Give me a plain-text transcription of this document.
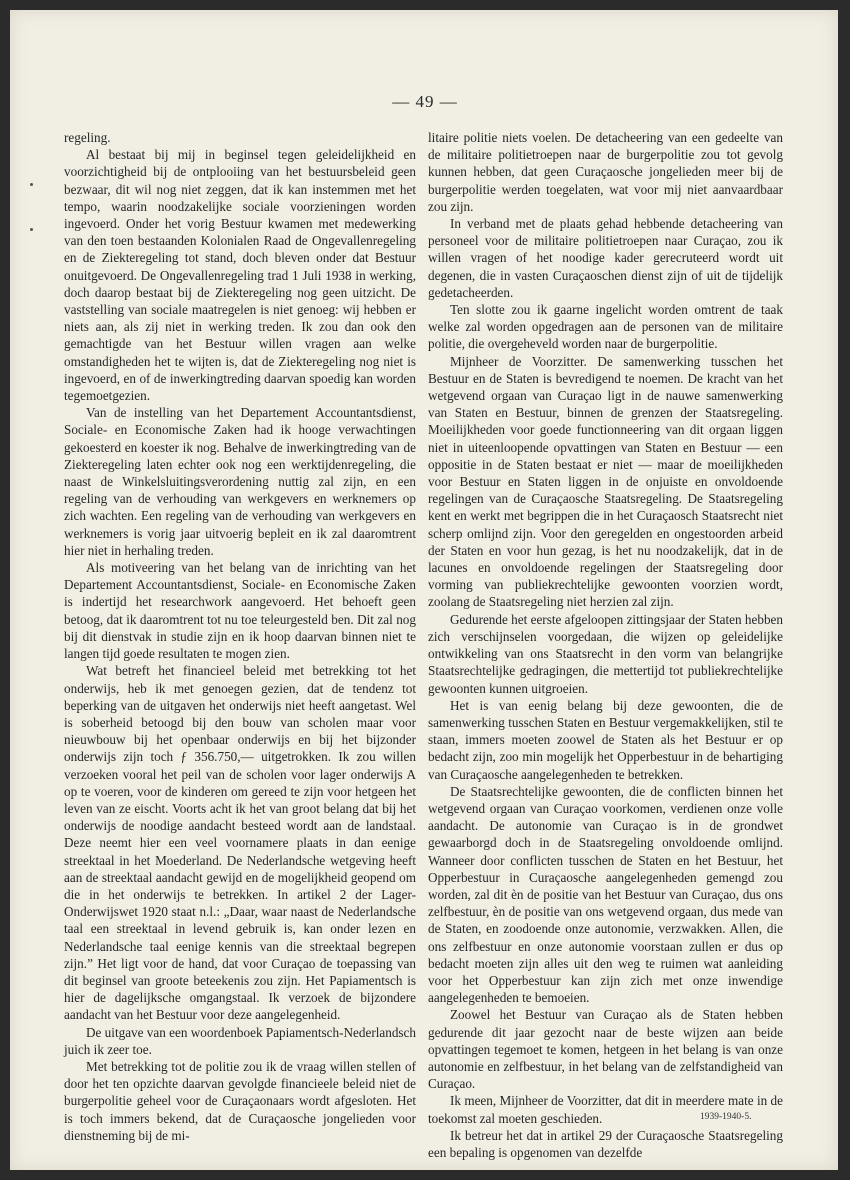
— 49 —

regeling.

Al bestaat bij mij in beginsel tegen geleidelijkheid en voorzichtigheid bij de ontplooiing van het bestuursbeleid geen bezwaar, dit wil nog niet zeggen, dat ik kan instemmen met het tempo, waarin noodzakelijke sociale voorzieningen worden ingevoerd. Onder het vorig Bestuur kwamen met medewerking van den toen bestaanden Kolonialen Raad de Ongevallenregeling en de Ziekteregeling tot stand, doch bleven onder dat Bestuur onuitgevoerd. De Ongevallenregeling trad 1 Juli 1938 in werking, doch daarop bestaat bij de Ziekteregeling nog geen uitzicht. De vaststelling van sociale maatregelen is niet genoeg: wij hebben er niets aan, als zij niet in werking treden. Ik zou dan ook den gemachtigde van het Bestuur willen vragen aan welke omstandigheden het te wijten is, dat de Ziekteregeling nog niet is ingevoerd, en of de inwerkingtreding daarvan spoedig kan worden tegemoetgezien.

Van de instelling van het Departement Accountantsdienst, Sociale- en Economische Zaken had ik hooge verwachtingen gekoesterd en koester ik nog. Behalve de inwerkingtreding van de Ziekteregeling laten echter ook nog een werktijdenregeling, die naast de Winkelsluitingsverordening nuttig zal zijn, en een regeling van de verhouding van werkgevers en werknemers op zich wachten. Een regeling van de verhouding van werkgevers en werknemers is vorig jaar uitvoerig bepleit en ik zal daaromtrent hier niet in herhaling treden.

Als motiveering van het belang van de inrichting van het Departement Accountantsdienst, Sociale- en Economische Zaken is indertijd het researchwork aangevoerd. Het behoeft geen betoog, dat ik daaromtrent tot nu toe teleurgesteld ben. Dit zal nog bij dit dienstvak in studie zijn en ik hoop daarvan binnen niet te langen tijd goede resultaten te mogen zien.

Wat betreft het financieel beleid met betrekking tot het onderwijs, heb ik met genoegen gezien, dat de tendenz tot beperking van de uitgaven het onderwijs niet heeft aangetast. Wel is soberheid betoogd bij den bouw van scholen maar voor nieuwbouw bij het openbaar onderwijs en bij het bijzonder onderwijs zijn toch ƒ 356.750,— uitgetrokken. Ik zou willen verzoeken vooral het peil van de scholen voor lager onderwijs A op te voeren, voor de kinderen om gereed te zijn voor hetgeen het leven van ze eischt. Voorts acht ik het van groot belang dat bij het onderwijs de noodige aandacht besteed wordt aan de landstaal. Deze neemt hier een veel voornamere plaats in dan eenige streektaal in het Moederland. De Nederlandsche wetgeving heeft aan de streektaal aandacht gewijd en de mogelijkheid geopend om die in het onderwijs te betrekken. In artikel 2 der Lager-Onderwijswet 1920 staat n.l.: „Daar, waar naast de Nederlandsche taal een streektaal in levend gebruik is, kan onder lezen en Nederlandsche taal eenige kennis van die streektaal begrepen zijn.” Het ligt voor de hand, dat voor Curaçao de toepassing van dit beginsel van groote beteekenis zou zijn. Het Papiamentsch is hier de dagelijksche omgangstaal. Ik verzoek de bijzondere aandacht van het Bestuur voor deze aangelegenheid.

De uitgave van een woordenboek Papiamentsch-Nederlandsch juich ik zeer toe.

Met betrekking tot de politie zou ik de vraag willen stellen of door het ten opzichte daarvan gevolgde financieele beleid niet de burgerpolitie geheel voor de Curaçaonaars wordt afgesloten. Het is toch immers bekend, dat de Curaçaosche jongelieden voor dienstneming bij de mi-

litaire politie niets voelen. De detacheering van een gedeelte van de militaire politietroepen naar de burgerpolitie zou tot gevolg kunnen hebben, dat geen Curaçaosche jongelieden meer bij de burgerpolitie werden toegelaten, wat voor mij niet aanvaardbaar zou zijn.

In verband met de plaats gehad hebbende detacheering van personeel voor de militaire politietroepen naar Curaçao, zou ik willen vragen of het noodige kader gerecruteerd wordt uit degenen, die in vasten Curaçaoschen dienst zijn of uit de tijdelijk gedetacheerden.

Ten slotte zou ik gaarne ingelicht worden omtrent de taak welke zal worden opgedragen aan de personen van de militaire politie, die overgeheveld worden naar de burgerpolitie.

Mijnheer de Voorzitter. De samenwerking tusschen het Bestuur en de Staten is bevredigend te noemen. De kracht van het wetgevend orgaan van Curaçao ligt in de nauwe samenwerking van Staten en Bestuur, binnen de grenzen der Staatsregeling. Moeilijkheden voor goede functionneering van dit orgaan liggen niet in uiteenloopende opvattingen van Staten en Bestuur — een oppositie in de Staten bestaat er niet — maar de moeilijkheden voor Bestuur en Staten liggen in de onjuiste en onvoldoende regelingen van de Curaçaosche Staatsregeling. De Staatsregeling kent en werkt met begrippen die in het Curaçaosch Staatsrecht niet scherp omlijnd zijn. Voor den geregelden en ongestoorden arbeid der Staten en voor hun gezag, is het nu noodzakelijk, dat in de lacunes en onvoldoende regelingen der Staatsregeling door vorming van publiekrechtelijke gewoonten voorzien wordt, zoolang de Staatsregeling niet herzien zal zijn.

Gedurende het eerste afgeloopen zittingsjaar der Staten hebben zich verschijnselen voorgedaan, die wijzen op geleidelijke ontwikkeling van ons Staatsrecht in den vorm van belangrijke Staatsrechtelijke gedragingen, die mettertijd tot publiekrechtelijke gewoonten kunnen uitgroeien.

Het is van eenig belang bij deze gewoonten, die de samenwerking tusschen Staten en Bestuur vergemakkelijken, stil te staan, immers moeten zoowel de Staten als het Bestuur er op bedacht zijn, zoo min mogelijk het Opperbestuur in de behartiging van Curaçaosche aangelegenheden te betrekken.

De Staatsrechtelijke gewoonten, die de conflicten binnen het wetgevend orgaan van Curaçao voorkomen, verdienen onze volle aandacht. De autonomie van Curaçao is in de grondwet gewaarborgd doch in de Staatsregeling onvoldoende omlijnd. Wanneer door conflicten tusschen de Staten en het Bestuur, het Opperbestuur in Curaçaosche aangelegenheden gemengd zou worden, zal dit èn de positie van het Bestuur van Curaçao, dus ons zelfbestuur, èn de positie van ons wetgevend orgaan, dus mede van de Staten, en zoodoende onze autonomie, verzwakken. Allen, die ons zelfbestuur en onze autonomie voorstaan zullen er dus op bedacht moeten zijn alles uit den weg te ruimen wat aanleiding voor het Opperbestuur kan zijn zich met onze inwendige aangelegenheden te bemoeien.

Zoowel het Bestuur van Curaçao als de Staten hebben gedurende dit jaar gezocht naar de beste wijzen aan beide opvattingen tegemoet te komen, hetgeen in het belang is van onze autonomie en zelfbestuur, in het belang van de zelfstandigheid van Curaçao.

Ik meen, Mijnheer de Voorzitter, dat dit in meerdere mate in de toekomst zal moeten geschieden.

Ik betreur het dat in artikel 29 der Curaçaosche Staatsregeling een bepaling is opgenomen van dezelfde

1939-1940-5.
